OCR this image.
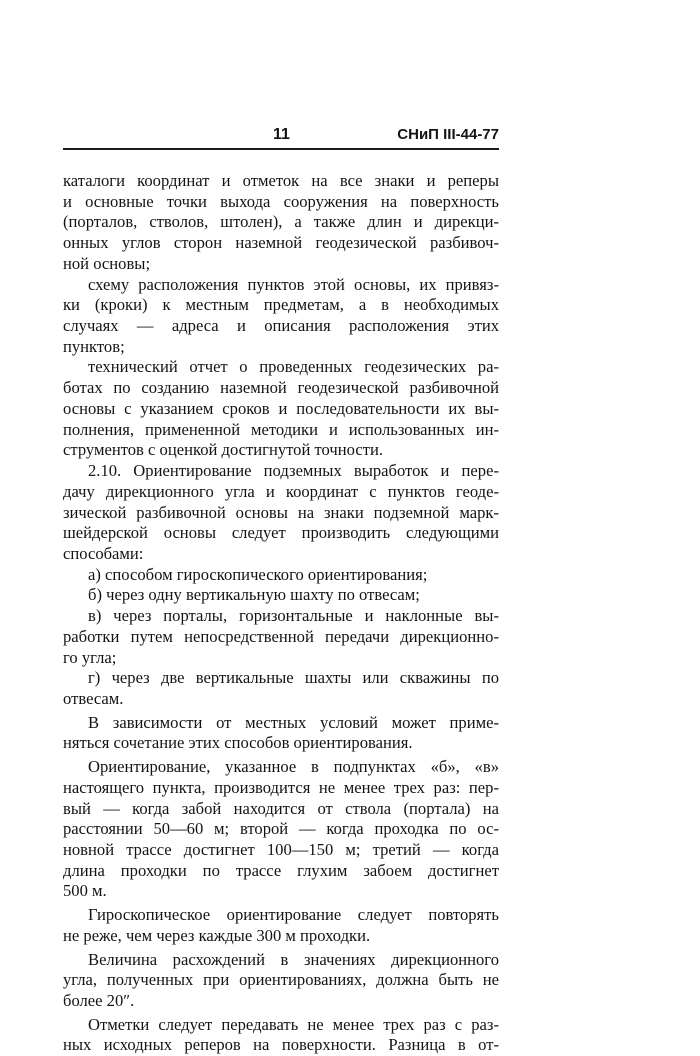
11	СНиП III-44-77
каталоги координат и отметок на все знаки и реперы
и основные точки выхода сооружения на поверхность
(порталов, стволов, штолен), а также длин и дирекци-
онных углов сторон наземной геодезической разбивоч-
ной основы;
схему расположения пунктов этой основы, их привяз-
ки (кроки) к местным предметам, а в необходимых
случаях — адреса и описания расположения этих
пунктов;
технический отчет о проведенных геодезических ра-
ботах по созданию наземной геодезической разбивочной
основы с указанием сроков и последовательности их вы-
полнения, примененной методики и использованных ин-
струментов с оценкой достигнутой точности.
2.10. Ориентирование подземных выработок и пере-
дачу дирекционного угла и координат с пунктов геоде-
зической разбивочной основы на знаки подземной марк-
шейдерской основы следует производить следующими
способами:
а) способом гироскопического ориентирования;
б) через одну вертикальную шахту по отвесам;
в) через порталы, горизонтальные и наклонные вы-
работки путем непосредственной передачи дирекционно-
го угла;
г) через две вертикальные шахты или скважины по
отвесам.
В зависимости от местных условий может приме-
няться сочетание этих способов ориентирования.
Ориентирование, указанное в подпунктах «б», «в»
настоящего пункта, производится не менее трех раз: пер-
вый — когда забой находится от ствола (портала) на
расстоянии 50—60 м; второй — когда проходка по ос-
новной трассе достигнет 100—150 м; третий — когда
длина проходки по трассе глухим забоем достигнет
500 м.
Гироскопическое ориентирование следует повторять
не реже, чем через каждые 300 м проходки.
Величина расхождений в значениях дирекционного
угла, полученных при ориентированиях, должна быть не
более 20″.
Отметки следует передавать не менее трех раз с раз-
ных исходных реперов на поверхности. Разница в от-
